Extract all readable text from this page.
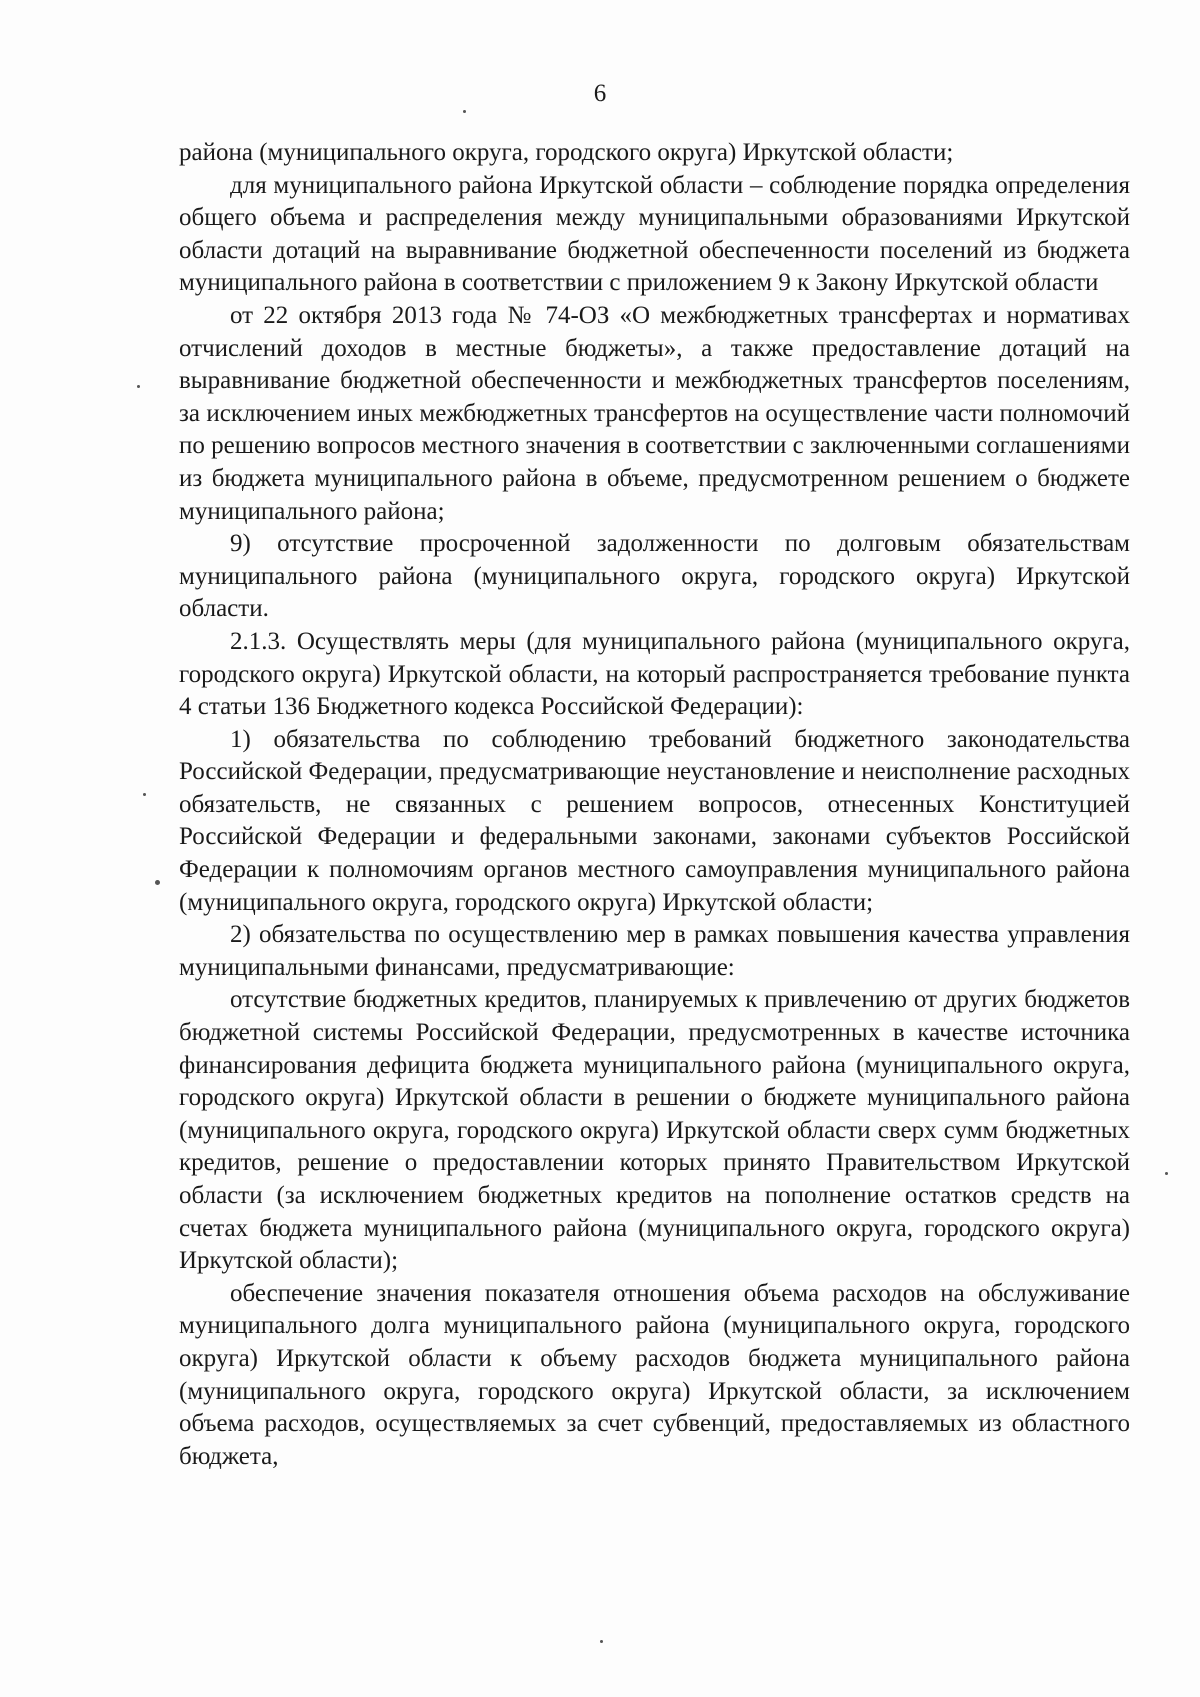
6

района (муниципального округа, городского округа) Иркутской области;

для муниципального района Иркутской области – соблюдение порядка определения общего объема и распределения между муниципальными образованиями Иркутской области дотаций на выравнивание бюджетной обеспеченности поселений из бюджета муниципального района в соответствии с приложением 9 к Закону Иркутской области

от 22 октября 2013 года № 74-ОЗ «О межбюджетных трансфертах и нормативах отчислений доходов в местные бюджеты», а также предоставление дотаций на выравнивание бюджетной обеспеченности и межбюджетных трансфертов поселениям, за исключением иных межбюджетных трансфертов на осуществление части полномочий по решению вопросов местного значения в соответствии с заключенными соглашениями из бюджета муниципального района в объеме, предусмотренном решением о бюджете муниципального района;

9) отсутствие просроченной задолженности по долговым обязательствам муниципального района (муниципального округа, городского округа) Иркутской области.

2.1.3. Осуществлять меры (для муниципального района (муниципального округа, городского округа) Иркутской области, на который распространяется требование пункта 4 статьи 136 Бюджетного кодекса Российской Федерации):

1) обязательства по соблюдению требований бюджетного законодательства Российской Федерации, предусматривающие неустановление и неисполнение расходных обязательств, не связанных с решением вопросов, отнесенных Конституцией Российской Федерации и федеральными законами, законами субъектов Российской Федерации к полномочиям органов местного самоуправления муниципального района (муниципального округа, городского округа) Иркутской области;

2) обязательства по осуществлению мер в рамках повышения качества управления муниципальными финансами, предусматривающие:

отсутствие бюджетных кредитов, планируемых к привлечению от других бюджетов бюджетной системы Российской Федерации, предусмотренных в качестве источника финансирования дефицита бюджета муниципального района (муниципального округа, городского округа) Иркутской области в решении о бюджете муниципального района (муниципального округа, городского округа) Иркутской области сверх сумм бюджетных кредитов, решение о предоставлении которых принято Правительством Иркутской области (за исключением бюджетных кредитов на пополнение остатков средств на счетах бюджета муниципального района (муниципального округа, городского округа) Иркутской области);

обеспечение значения показателя отношения объема расходов на обслуживание муниципального долга муниципального района (муниципального округа, городского округа) Иркутской области к объему расходов бюджета муниципального района (муниципального округа, городского округа) Иркутской области, за исключением объема расходов, осуществляемых за счет субвенций, предоставляемых из областного бюджета,
